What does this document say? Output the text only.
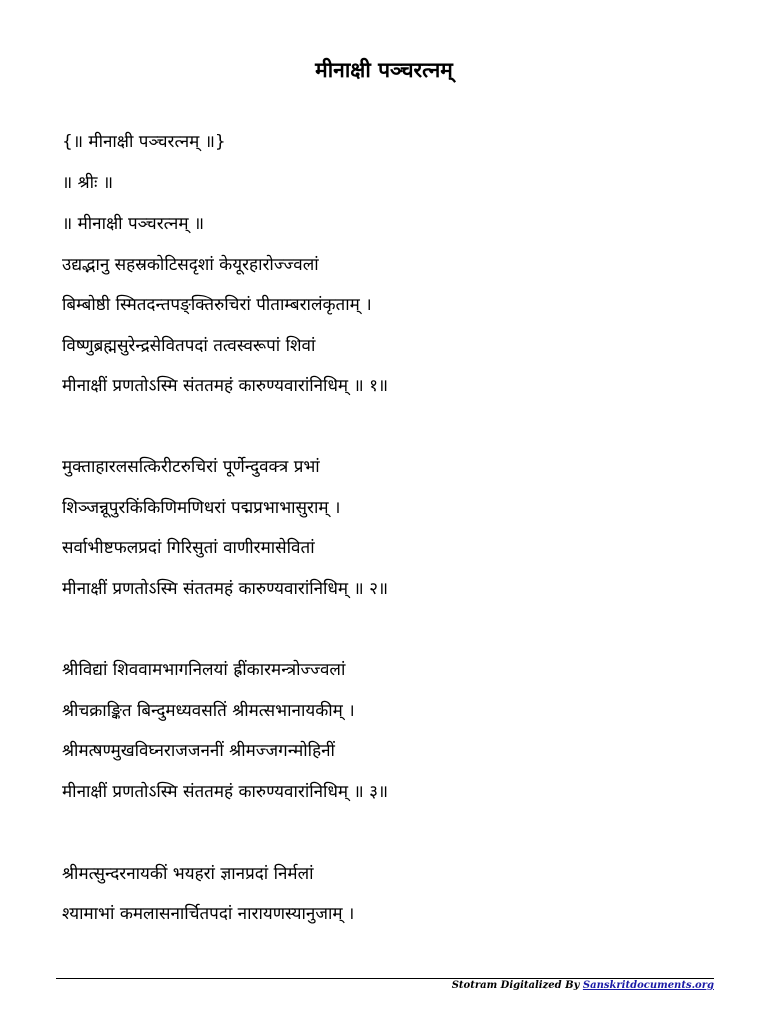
मीनाक्षी पञ्चरत्नम्
{॥ मीनाक्षी पञ्चरत्नम् ॥}
॥ श्रीः ॥
॥ मीनाक्षी पञ्चरत्नम् ॥
उद्यद्भानु सहस्रकोटिसदृशां केयूरहारोज्ज्वलां
बिम्बोष्ठी स्मितदन्तपङ्क्तिरुचिरां पीताम्बरालंकृताम् ।
विष्णुब्रह्मसुरेन्द्रसेवितपदां तत्वस्वरूपां शिवां
मीनाक्षीं प्रणतोऽस्मि संततमहं कारुण्यवारांनिधिम् ॥ १॥
मुक्ताहारलसत्किरीटरुचिरां पूर्णेन्दुवक्त्र प्रभां
शिञ्जन्नूपुरकिंकिणिमणिधरां पद्मप्रभाभासुराम् ।
सर्वाभीष्टफलप्रदां गिरिसुतां वाणीरमासेवितां
मीनाक्षीं प्रणतोऽस्मि संततमहं कारुण्यवारांनिधिम् ॥ २॥
श्रीविद्यां शिववामभागनिलयां ह्रींकारमन्त्रोज्ज्वलां
श्रीचक्राङ्कित बिन्दुमध्यवसतिं श्रीमत्सभानायकीम् ।
श्रीमत्षण्मुखविघ्नराजजननीं श्रीमज्जगन्मोहिनीं
मीनाक्षीं प्रणतोऽस्मि संततमहं कारुण्यवारांनिधिम् ॥ ३॥
श्रीमत्सुन्दरनायकीं भयहरां ज्ञानप्रदां निर्मलां
श्यामाभां कमलासनार्चितपदां नारायणस्यानुजाम् ।
Stotram Digitalized By Sanskritdocuments.org
